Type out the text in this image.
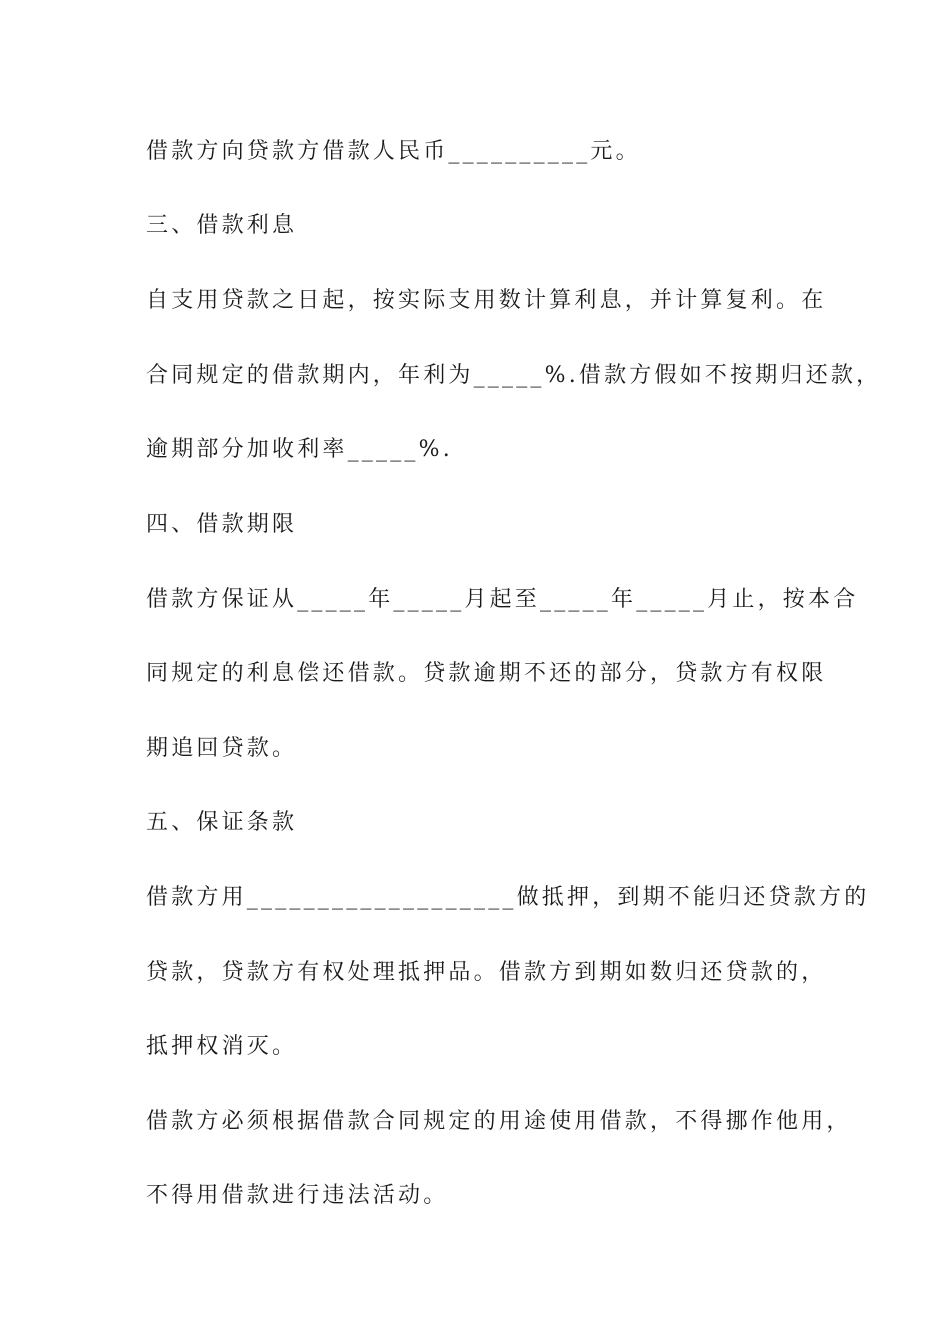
借款方向贷款方借款人民币__________元。
三、借款利息
自支用贷款之日起，按实际支用数计算利息，并计算复利。在
合同规定的借款期内，年利为_____%.借款方假如不按期归还款，
逾期部分加收利率_____%.
四、借款期限
借款方保证从_____年_____月起至_____年_____月止，按本合
同规定的利息偿还借款。贷款逾期不还的部分，贷款方有权限
期追回贷款。
五、保证条款
借款方用___________________做抵押，到期不能归还贷款方的
贷款，贷款方有权处理抵押品。借款方到期如数归还贷款的，
抵押权消灭。
借款方必须根据借款合同规定的用途使用借款，不得挪作他用，
不得用借款进行违法活动。
